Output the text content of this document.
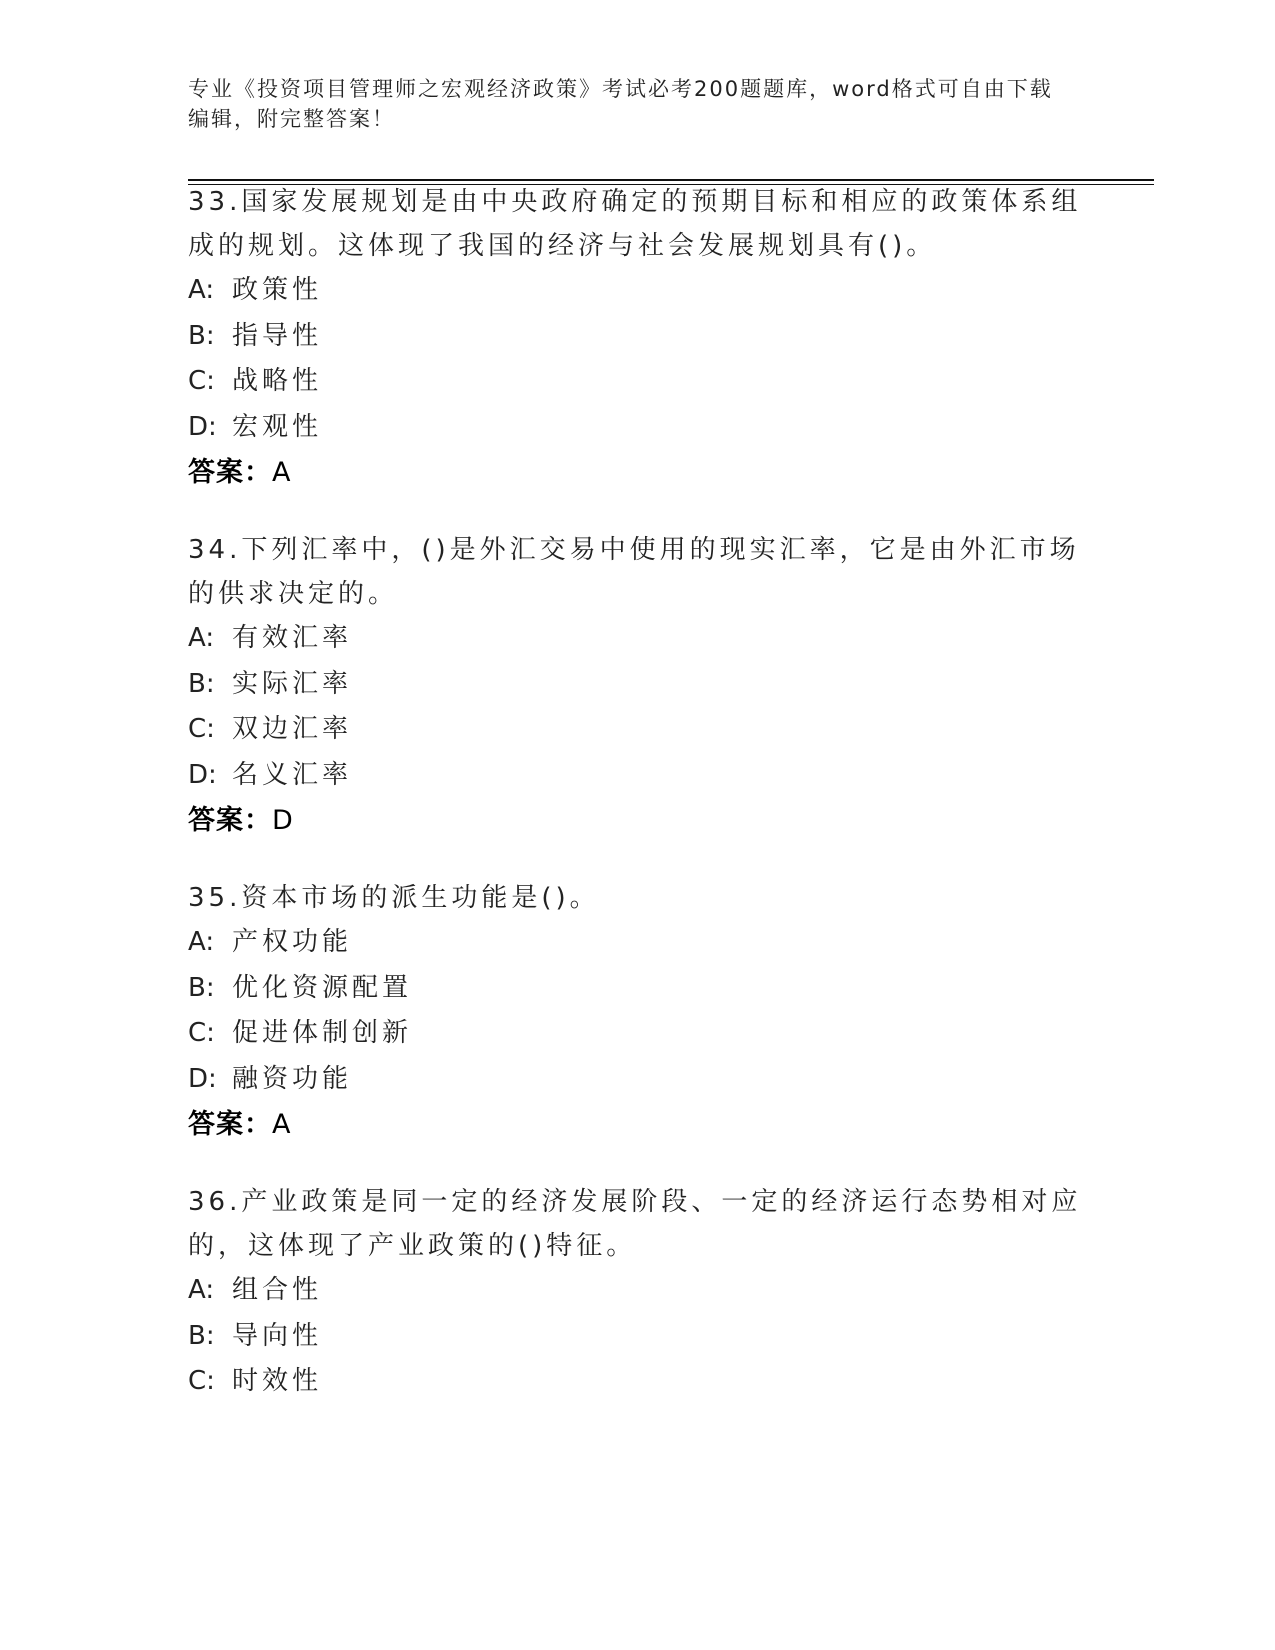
专业《投资项目管理师之宏观经济政策》考试必考200题题库，word格式可自由下载编辑，附完整答案！

33.国家发展规划是由中央政府确定的预期目标和相应的政策体系组成的规划。这体现了我国的经济与社会发展规划具有()。

A: 政策性
B: 指导性
C: 战略性
D: 宏观性
答案：A

34.下列汇率中，()是外汇交易中使用的现实汇率，它是由外汇市场的供求决定的。

A: 有效汇率
B: 实际汇率
C: 双边汇率
D: 名义汇率
答案：D

35.资本市场的派生功能是()。

A: 产权功能
B: 优化资源配置
C: 促进体制创新
D: 融资功能
答案：A

36.产业政策是同一定的经济发展阶段、一定的经济运行态势相对应的，这体现了产业政策的()特征。

A: 组合性
B: 导向性
C: 时效性
